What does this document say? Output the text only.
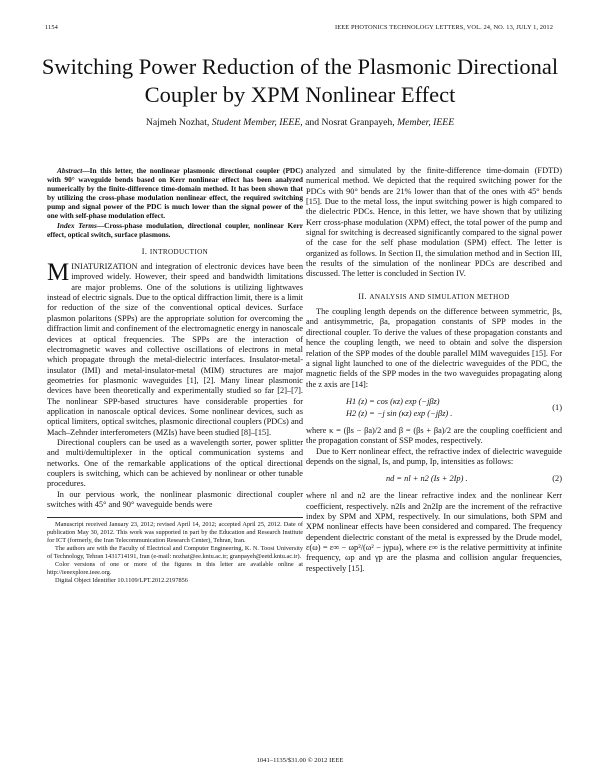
1154	IEEE PHOTONICS TECHNOLOGY LETTERS, VOL. 24, NO. 13, JULY 1, 2012
Switching Power Reduction of the Plasmonic Directional Coupler by XPM Nonlinear Effect
Najmeh Nozhat, Student Member, IEEE, and Nosrat Granpayeh, Member, IEEE

Abstract—In this letter, the nonlinear plasmonic directional coupler (PDC) with 90° waveguide bends based on Kerr nonlinear effect has been analyzed numerically by the finite-difference time-domain method. It has been shown that by utilizing the cross-phase modulation nonlinear effect, the required switching pump and signal power of the PDC is much lower than the signal power of the one with self-phase modulation effect.

Index Terms—Cross-phase modulation, directional coupler, nonlinear Kerr effect, optical switch, surface plasmons.

I. INTRODUCTION

MINIATURIZATION and integration of electronic devices have been improved widely. However, their speed and bandwidth limitations are major problems. One of the solutions is utilizing lightwaves instead of electric signals. Due to the optical diffraction limit, there is a limit for reduction of the size of the conventional optical devices. Surface plasmon polaritons (SPPs) are the appropriate solution for overcoming the diffraction limit and confinement of the electromagnetic energy in nanoscale devices at optical frequencies. The SPPs are the interaction of electromagnetic waves and collective oscillations of electrons in metal which propagate through the metal-dielectric interfaces. Insulator-metal-insulator (IMI) and metal-insulator-metal (MIM) structures are major geometries for plasmonic waveguides [1], [2]. Many linear plasmonic devices have been theoretically and experimentally studied so far [2]–[7]. The nonlinear SPP-based structures have considerable properties for application in nanoscale optical devices. Some nonlinear devices, such as optical limiters, optical switches, plasmonic directional couplers (PDCs) and Mach–Zehnder interferometers (MZIs) have been studied [8]–[15].

Directional couplers can be used as a wavelength sorter, power splitter and multi/demultiplexer in the optical communication systems and networks. One of the remarkable applications of the optical directional couplers is switching, which can be achieved by nonlinear or other tunable procedures.

In our pervious work, the nonlinear plasmonic directional coupler switches with 45° and 90° waveguide bends were

Manuscript received January 23, 2012; revised April 14, 2012; accepted April 25, 2012. Date of publication May 30, 2012. This work was supported in part by the Education and Research Institute for ICT (formerly, the Iran Telecommunication Research Center), Tehran, Iran.

The authors are with the Faculty of Electrical and Computer Engineering, K. N. Toosi University of Technology, Tehran 1431714191, Iran (e-mail: nozhat@ee.kntu.ac.ir; granpayeh@eetd.kntu.ac.ir).

Color versions of one or more of the figures in this letter are available online at http://ieeexplore.ieee.org.

Digital Object Identifier 10.1109/LPT.2012.2197856

analyzed and simulated by the finite-difference time-domain (FDTD) numerical method. We depicted that the required switching power for the PDCs with 90° bends are 21% lower than that of the ones with 45° bends [15]. Due to the metal loss, the input switching power is high compared to the dielectric PDCs. Hence, in this letter, we have shown that by utilizing Kerr cross-phase modulation (XPM) effect, the total power of the pump and signal for switching is decreased significantly compared to the signal power of the case for the self phase modulation (SPM) effect. The letter is organized as follows. In Section II, the simulation method and in Section III, the results of the simulation of the nonlinear PDCs are described and discussed. The letter is concluded in Section IV.

II. ANALYSIS AND SIMULATION METHOD

The coupling length depends on the difference between symmetric, βs, and antisymmetric, βa, propagation constants of SPP modes in the directional coupler. To derive the values of these propagation constants and hence the coupling length, we need to obtain and solve the dispersion relation of the SPP modes of the double parallel MIM waveguides [15]. For a signal light launched to one of the dielectric waveguides of the PDC, the magnetic fields of the SPP modes in the two waveguides propagating along the z axis are [14]:

H1 (z) = cos (κz) exp (−jβz)
H2 (z) = −j sin (κz) exp (−jβz) .
(1)

where κ = (βs − βa)/2 and β = (βs + βa)/2 are the coupling coefficient and the propagation constant of SSP modes, respectively.

Due to Kerr nonlinear effect, the refractive index of dielectric waveguide depends on the signal, Is, and pump, Ip, intensities as follows:

nd = nl + n2 (Is + 2Ip) .	(2)

where nl and n2 are the linear refractive index and the nonlinear Kerr coefficient, respectively. n2Is and 2n2Ip are the increment of the refractive index by SPM and XPM, respectively. In our simulations, both SPM and XPM nonlinear effects have been considered and compared. The frequency dependent dielectric constant of the metal is expressed by the Drude model, ε(ω) = ε∞ − ωp²/(ω² − jγpω), where ε∞ is the relative permittivity at infinite frequency, ωp and γp are the plasma and collision angular frequencies, respectively [15].

1041–1135/$31.00 © 2012 IEEE
